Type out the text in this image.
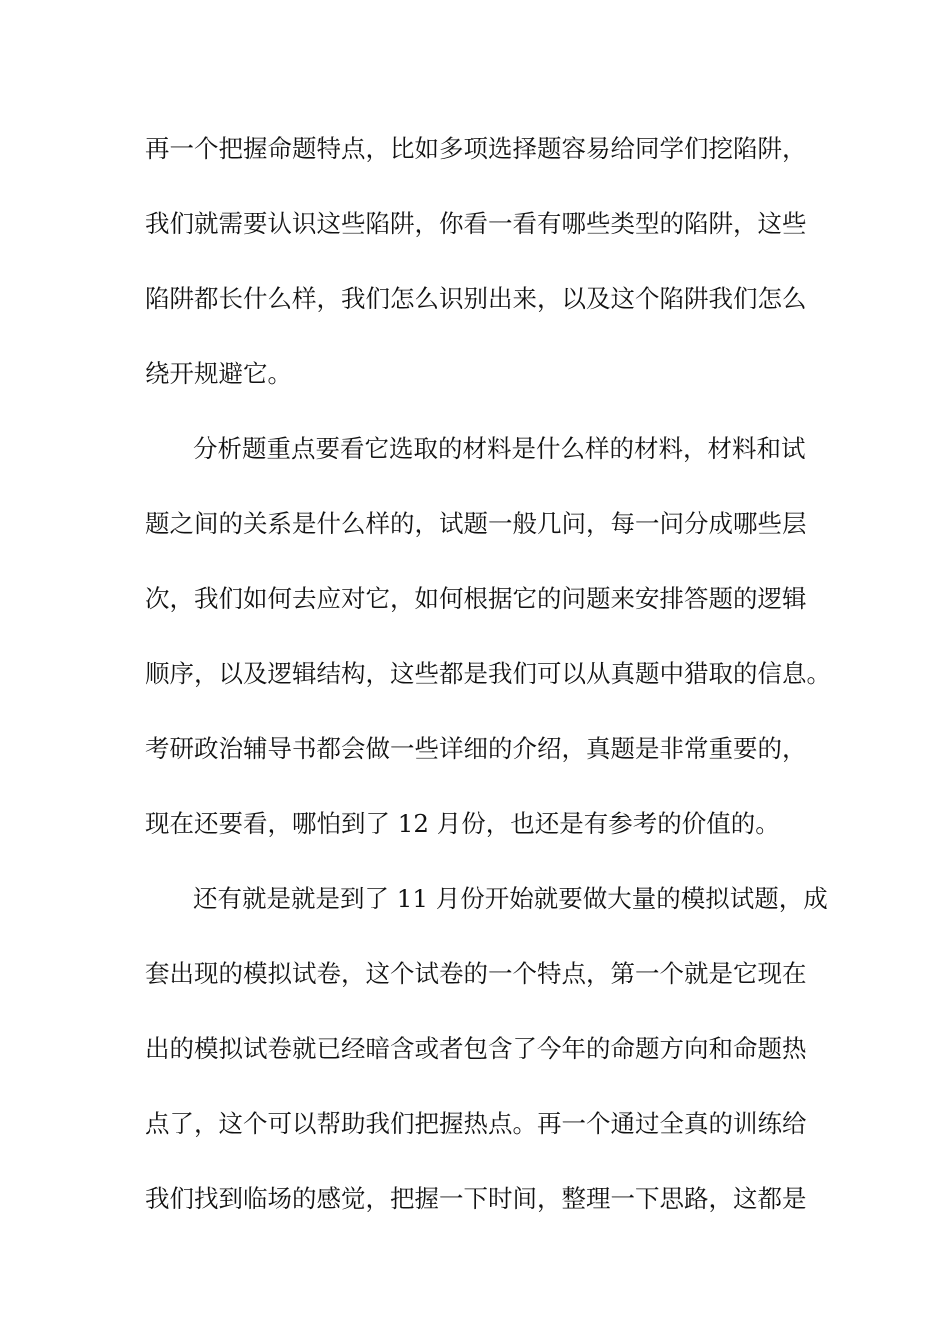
再一个把握命题特点，比如多项选择题容易给同学们挖陷阱，
我们就需要认识这些陷阱，你看一看有哪些类型的陷阱，这些
陷阱都长什么样，我们怎么识别出来，以及这个陷阱我们怎么
绕开规避它。
分析题重点要看它选取的材料是什么样的材料，材料和试
题之间的关系是什么样的，试题一般几问，每一问分成哪些层
次，我们如何去应对它，如何根据它的问题来安排答题的逻辑
顺序，以及逻辑结构，这些都是我们可以从真题中猎取的信息。
考研政治辅导书都会做一些详细的介绍，真题是非常重要的，
现在还要看，哪怕到了 12 月份，也还是有参考的价值的。
还有就是就是到了 11 月份开始就要做大量的模拟试题，成
套出现的模拟试卷，这个试卷的一个特点，第一个就是它现在
出的模拟试卷就已经暗含或者包含了今年的命题方向和命题热
点了，这个可以帮助我们把握热点。再一个通过全真的训练给
我们找到临场的感觉，把握一下时间，整理一下思路，这都是
